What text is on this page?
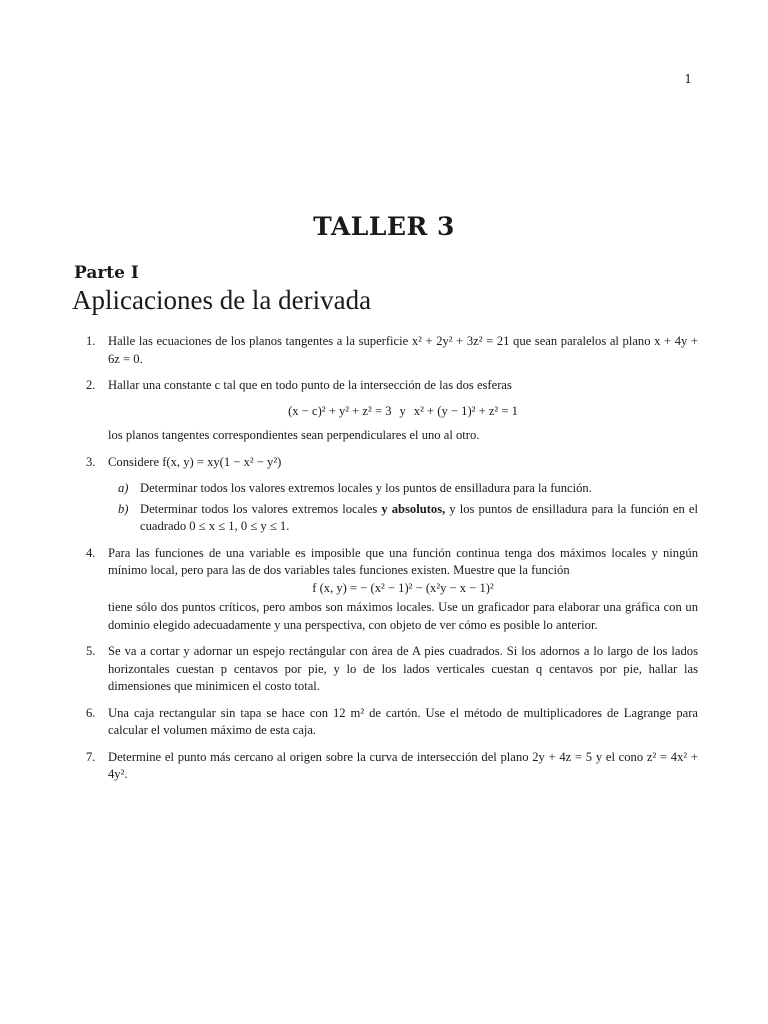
1
TALLER 3
Parte I
Aplicaciones de la derivada
1. Halle las ecuaciones de los planos tangentes a la superficie x² + 2y² + 3z² = 21 que sean paralelos al plano x + 4y + 6z = 0.
2. Hallar una constante c tal que en todo punto de la intersección de las dos esferas
(x − c)² + y² + z² = 3 y x² + (y − 1)² + z² = 1
los planos tangentes correspondientes sean perpendiculares el uno al otro.
3. Considere f(x, y) = xy(1 − x² − y²)
a) Determinar todos los valores extremos locales y los puntos de ensilladura para la función.
b) Determinar todos los valores extremos locales y absolutos, y los puntos de ensilladura para la función en el cuadrado 0 ≤ x ≤ 1, 0 ≤ y ≤ 1.
4. Para las funciones de una variable es imposible que una función continua tenga dos máximos locales y ningún mínimo local, pero para las de dos variables tales funciones existen. Muestre que la función
f (x, y) = − (x² − 1)² − (x²y − x − 1)²
tiene sólo dos puntos críticos, pero ambos son máximos locales. Use un graficador para elaborar una gráfica con un dominio elegido adecuadamente y una perspectiva, con objeto de ver cómo es posible lo anterior.
5. Se va a cortar y adornar un espejo rectángular con área de A pies cuadrados. Si los adornos a lo largo de los lados horizontales cuestan p centavos por pie, y lo de los lados verticales cuestan q centavos por pie, hallar las dimensiones que minimicen el costo total.
6. Una caja rectangular sin tapa se hace con 12 m² de cartón. Use el método de multiplicadores de Lagrange para calcular el volumen máximo de esta caja.
7. Determine el punto más cercano al origen sobre la curva de intersección del plano 2y + 4z = 5 y el cono z² = 4x² + 4y².
